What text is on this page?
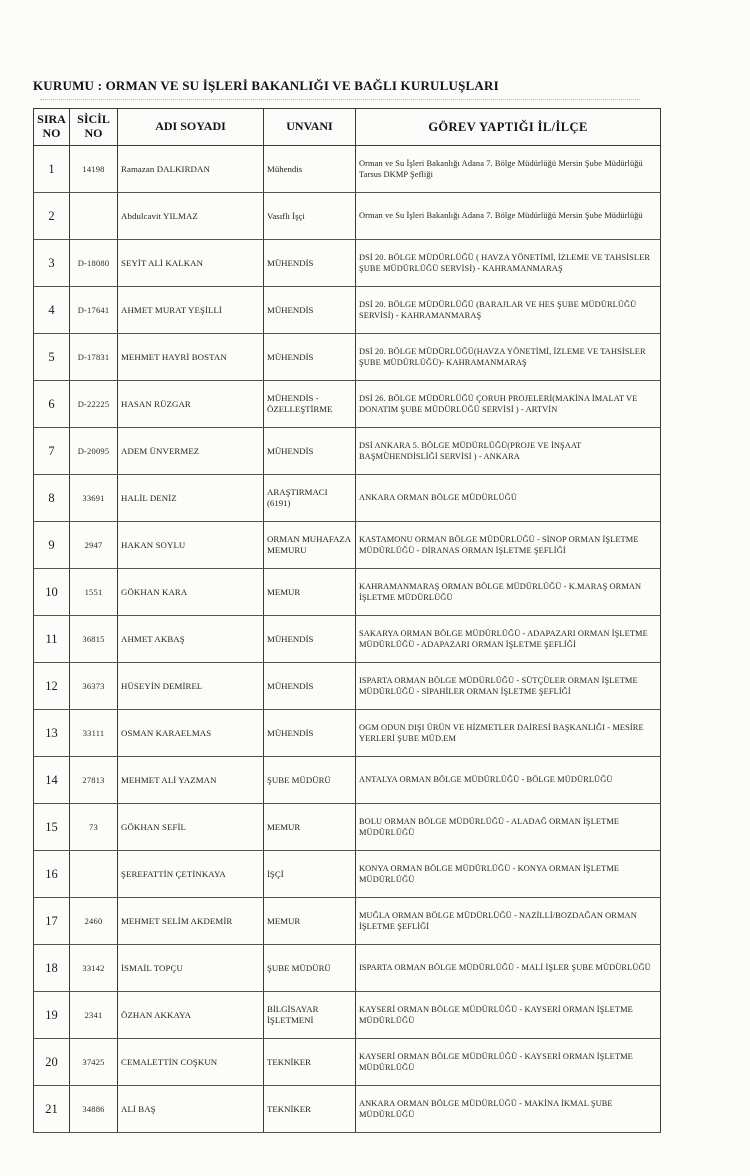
KURUMU : ORMAN VE SU İŞLERİ BAKANLIĞI VE BAĞLI KURULUŞLARI
SIRA NO	SİCİL NO	ADI SOYADI	UNVANI	GÖREV YAPTIĞI İL/İLÇE
1	14198	Ramazan DALKIRDAN	Mühendis	Orman ve Su İşleri Bakanlığı Adana 7. Bölge Müdürlüğü Mersin Şube Müdürlüğü Tarsus DKMP Şefliği
2		Abdulcavit YILMAZ	Vasıflı İşçi	Orman ve Su İşleri Bakanlığı Adana 7. Bölge Müdürlüğü Mersin Şube Müdürlüğü
3	D-18080	SEYİT ALİ KALKAN	MÜHENDİS	DSİ 20. BÖLGE MÜDÜRLÜĞÜ ( HAVZA YÖNETİMİ, İZLEME VE TAHSİSLER ŞUBE MÜDÜRLÜĞÜ SERVİSİ) - KAHRAMANMARAŞ
4	D-17641	AHMET MURAT YEŞİLLİ	MÜHENDİS	DSİ 20. BÖLGE MÜDÜRLÜĞÜ (BARAJLAR VE HES ŞUBE MÜDÜRLÜĞÜ SERVİSİ) - KAHRAMANMARAŞ
5	D-17831	MEHMET HAYRİ BOSTAN	MÜHENDİS	DSİ 20. BÖLGE MÜDÜRLÜĞÜ(HAVZA YÖNETİMİ, İZLEME VE TAHSİSLER ŞUBE MÜDÜRLÜĞÜ)- KAHRAMANMARAŞ
6	D-22225	HASAN RÜZGAR	MÜHENDİS - ÖZELLEŞTİRME	DSİ 26. BÖLGE MÜDÜRLÜĞÜ ÇORUH PROJELERİ(MAKİNA İMALAT VE DONATIM ŞUBE MÜDÜRLÜĞÜ SERVİSİ ) - ARTVİN
7	D-20095	ADEM ÜNVERMEZ	MÜHENDİS	DSİ ANKARA 5. BÖLGE MÜDÜRLÜĞÜ(PROJE VE İNŞAAT BAŞMÜHENDİSLİĞİ SERVİSİ ) - ANKARA
8	33691	HALİL DENİZ	ARAŞTIRMACI (6191)	ANKARA ORMAN BÖLGE MÜDÜRLÜĞÜ
9	2947	HAKAN SOYLU	ORMAN MUHAFAZA MEMURU	KASTAMONU ORMAN BÖLGE MÜDÜRLÜĞÜ - SİNOP ORMAN İŞLETME MÜDÜRLÜĞÜ - DİRANAS ORMAN İŞLETME ŞEFLİĞİ
10	1551	GÖKHAN KARA	MEMUR	KAHRAMANMARAŞ ORMAN BÖLGE MÜDÜRLÜĞÜ - K.MARAŞ ORMAN İŞLETME MÜDÜRLÜĞÜ
11	36815	AHMET AKBAŞ	MÜHENDİS	SAKARYA ORMAN BÖLGE MÜDÜRLÜĞÜ - ADAPAZARI ORMAN İŞLETME MÜDÜRLÜĞÜ - ADAPAZARI ORMAN İŞLETME ŞEFLİĞİ
12	36373	HÜSEYİN DEMİREL	MÜHENDİS	ISPARTA ORMAN BÖLGE MÜDÜRLÜĞÜ - SÜTÇÜLER ORMAN İŞLETME MÜDÜRLÜĞÜ - SİPAHİLER ORMAN İŞLETME ŞEFLİĞİ
13	33111	OSMAN KARAELMAS	MÜHENDİS	OGM ODUN DIŞI ÜRÜN VE HİZMETLER DAİRESİ BAŞKANLIĞI - MESİRE YERLERİ ŞUBE MÜD.EM
14	27813	MEHMET ALİ YAZMAN	ŞUBE MÜDÜRÜ	ANTALYA ORMAN BÖLGE MÜDÜRLÜĞÜ - BÖLGE MÜDÜRLÜĞÜ
15	73	GÖKHAN SEFİL	MEMUR	BOLU ORMAN BÖLGE MÜDÜRLÜĞÜ - ALADAĞ ORMAN İŞLETME MÜDÜRLÜĞÜ
16		ŞEREFATTİN ÇETİNKAYA	İŞÇİ	KONYA ORMAN BÖLGE MÜDÜRLÜĞÜ - KONYA ORMAN İŞLETME MÜDÜRLÜĞÜ
17	2460	MEHMET SELİM AKDEMİR	MEMUR	MUĞLA ORMAN BÖLGE MÜDÜRLÜĞÜ - NAZİLLİ/BOZDAĞAN ORMAN İŞLETME ŞEFLİĞİ
18	33142	İSMAİL TOPÇU	ŞUBE MÜDÜRÜ	ISPARTA ORMAN BÖLGE MÜDÜRLÜĞÜ - MALİ İŞLER ŞUBE MÜDÜRLÜĞÜ
19	2341	ÖZHAN AKKAYA	BİLGİSAYAR İŞLETMENİ	KAYSERİ ORMAN BÖLGE MÜDÜRLÜĞÜ - KAYSERİ ORMAN İŞLETME MÜDÜRLÜĞÜ
20	37425	CEMALETTİN COŞKUN	TEKNİKER	KAYSERİ ORMAN BÖLGE MÜDÜRLÜĞÜ - KAYSERİ ORMAN İŞLETME MÜDÜRLÜĞÜ
21	34886	ALİ BAŞ	TEKNİKER	ANKARA ORMAN BÖLGE MÜDÜRLÜĞÜ - MAKİNA İKMAL ŞUBE MÜDÜRLÜĞÜ
